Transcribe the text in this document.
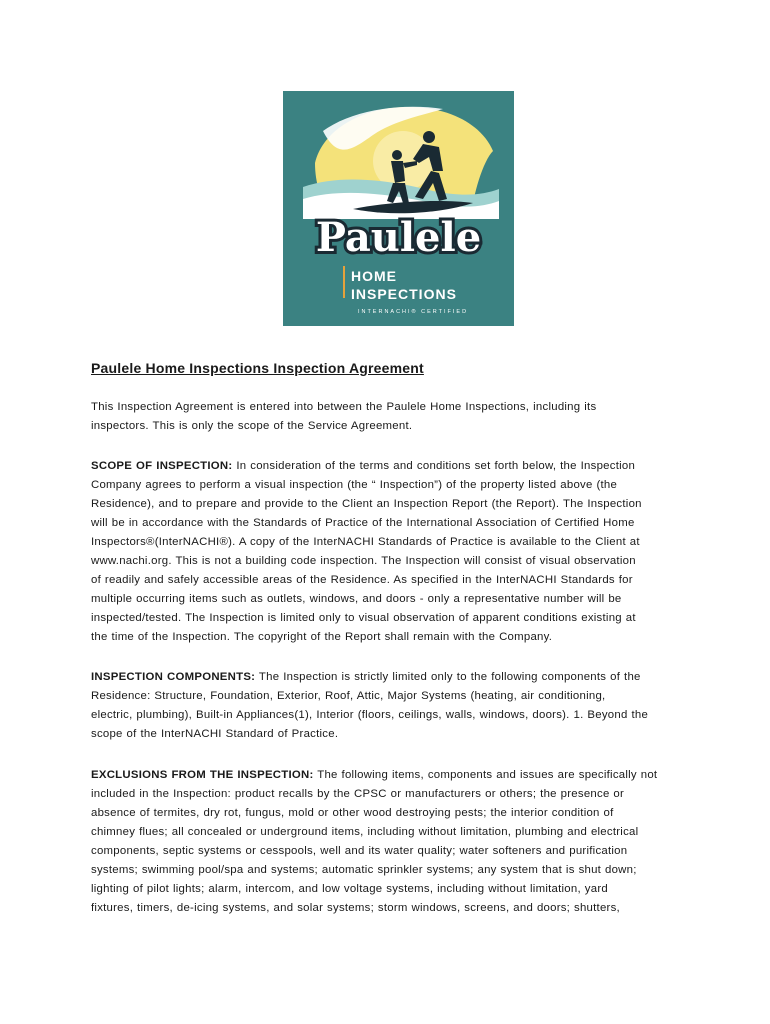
Paulele
HOME
INSPECTIONS
INTERNACHI® CERTIFIED
Paulele Home Inspections Inspection Agreement
This Inspection Agreement is entered into between the Paulele Home Inspections, including its
inspectors. This is only the scope of the Service Agreement.
SCOPE OF INSPECTION: In consideration of the terms and conditions set forth below, the Inspection
Company agrees to perform a visual inspection (the “ Inspection”) of the property listed above (the
Residence), and to prepare and provide to the Client an Inspection Report (the Report). The Inspection
will be in accordance with the Standards of Practice of the International Association of Certified Home
Inspectors®(InterNACHI®). A copy of the InterNACHI Standards of Practice is available to the Client at
www.nachi.org. This is not a building code inspection. The Inspection will consist of visual observation
of readily and safely accessible areas of the Residence. As specified in the InterNACHI Standards for
multiple occurring items such as outlets, windows, and doors - only a representative number will be
inspected/tested. The Inspection is limited only to visual observation of apparent conditions existing at
the time of the Inspection. The copyright of the Report shall remain with the Company.
INSPECTION COMPONENTS: The Inspection is strictly limited only to the following components of the
Residence: Structure, Foundation, Exterior, Roof, Attic, Major Systems (heating, air conditioning,
electric, plumbing), Built-in Appliances(1), Interior (floors, ceilings, walls, windows, doors). 1. Beyond the
scope of the InterNACHI Standard of Practice.
EXCLUSIONS FROM THE INSPECTION: The following items, components and issues are specifically not
included in the Inspection: product recalls by the CPSC or manufacturers or others; the presence or
absence of termites, dry rot, fungus, mold or other wood destroying pests; the interior condition of
chimney flues; all concealed or underground items, including without limitation, plumbing and electrical
components, septic systems or cesspools, well and its water quality; water softeners and purification
systems; swimming pool/spa and systems; automatic sprinkler systems; any system that is shut down;
lighting of pilot lights; alarm, intercom, and low voltage systems, including without limitation, yard
fixtures, timers, de-icing systems, and solar systems; storm windows, screens, and doors; shutters,
